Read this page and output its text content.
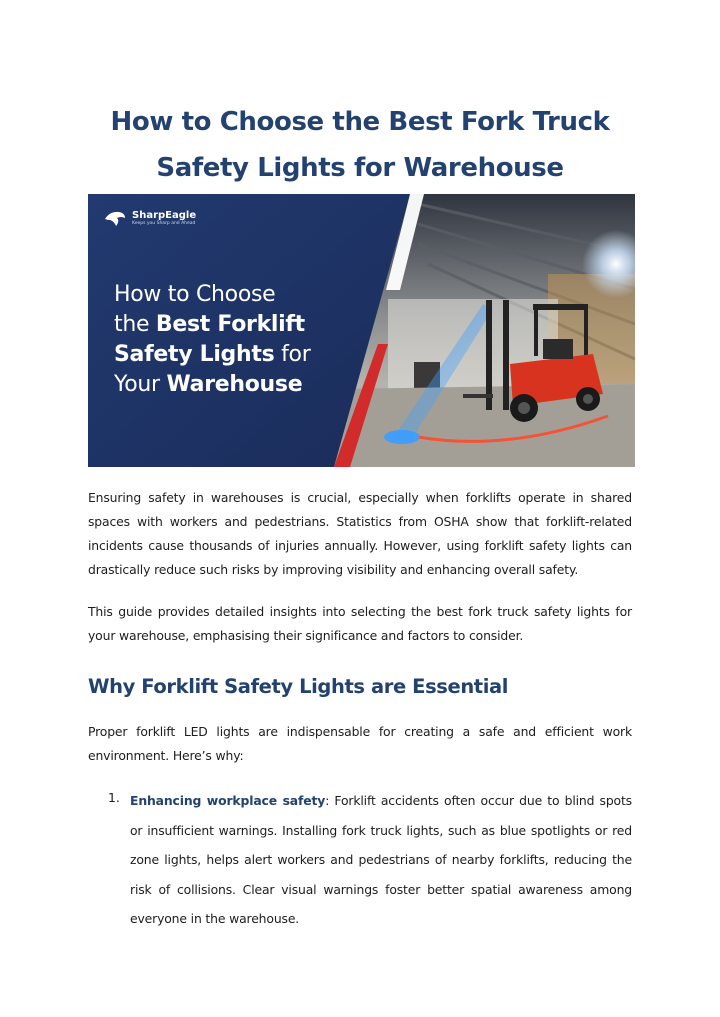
How to Choose the Best Fork Truck
Safety Lights for Warehouse
SharpEagle
Keeps you Sharp and Ahead
How to Choose
the Best Forklift
Safety Lights for
Your Warehouse

Ensuring safety in warehouses is crucial, especially when forklifts operate in shared spaces with workers and pedestrians. Statistics from OSHA show that forklift-related incidents cause thousands of injuries annually. However, using forklift safety lights can drastically reduce such risks by improving visibility and enhancing overall safety.

This guide provides detailed insights into selecting the best fork truck safety lights for your warehouse, emphasising their significance and factors to consider.

Why Forklift Safety Lights are Essential

Proper forklift LED lights are indispensable for creating a safe and efficient work environment. Here’s why:

1. Enhancing workplace safety: Forklift accidents often occur due to blind spots or insufficient warnings. Installing fork truck lights, such as blue spotlights or red zone lights, helps alert workers and pedestrians of nearby forklifts, reducing the risk of collisions. Clear visual warnings foster better spatial awareness among everyone in the warehouse.
